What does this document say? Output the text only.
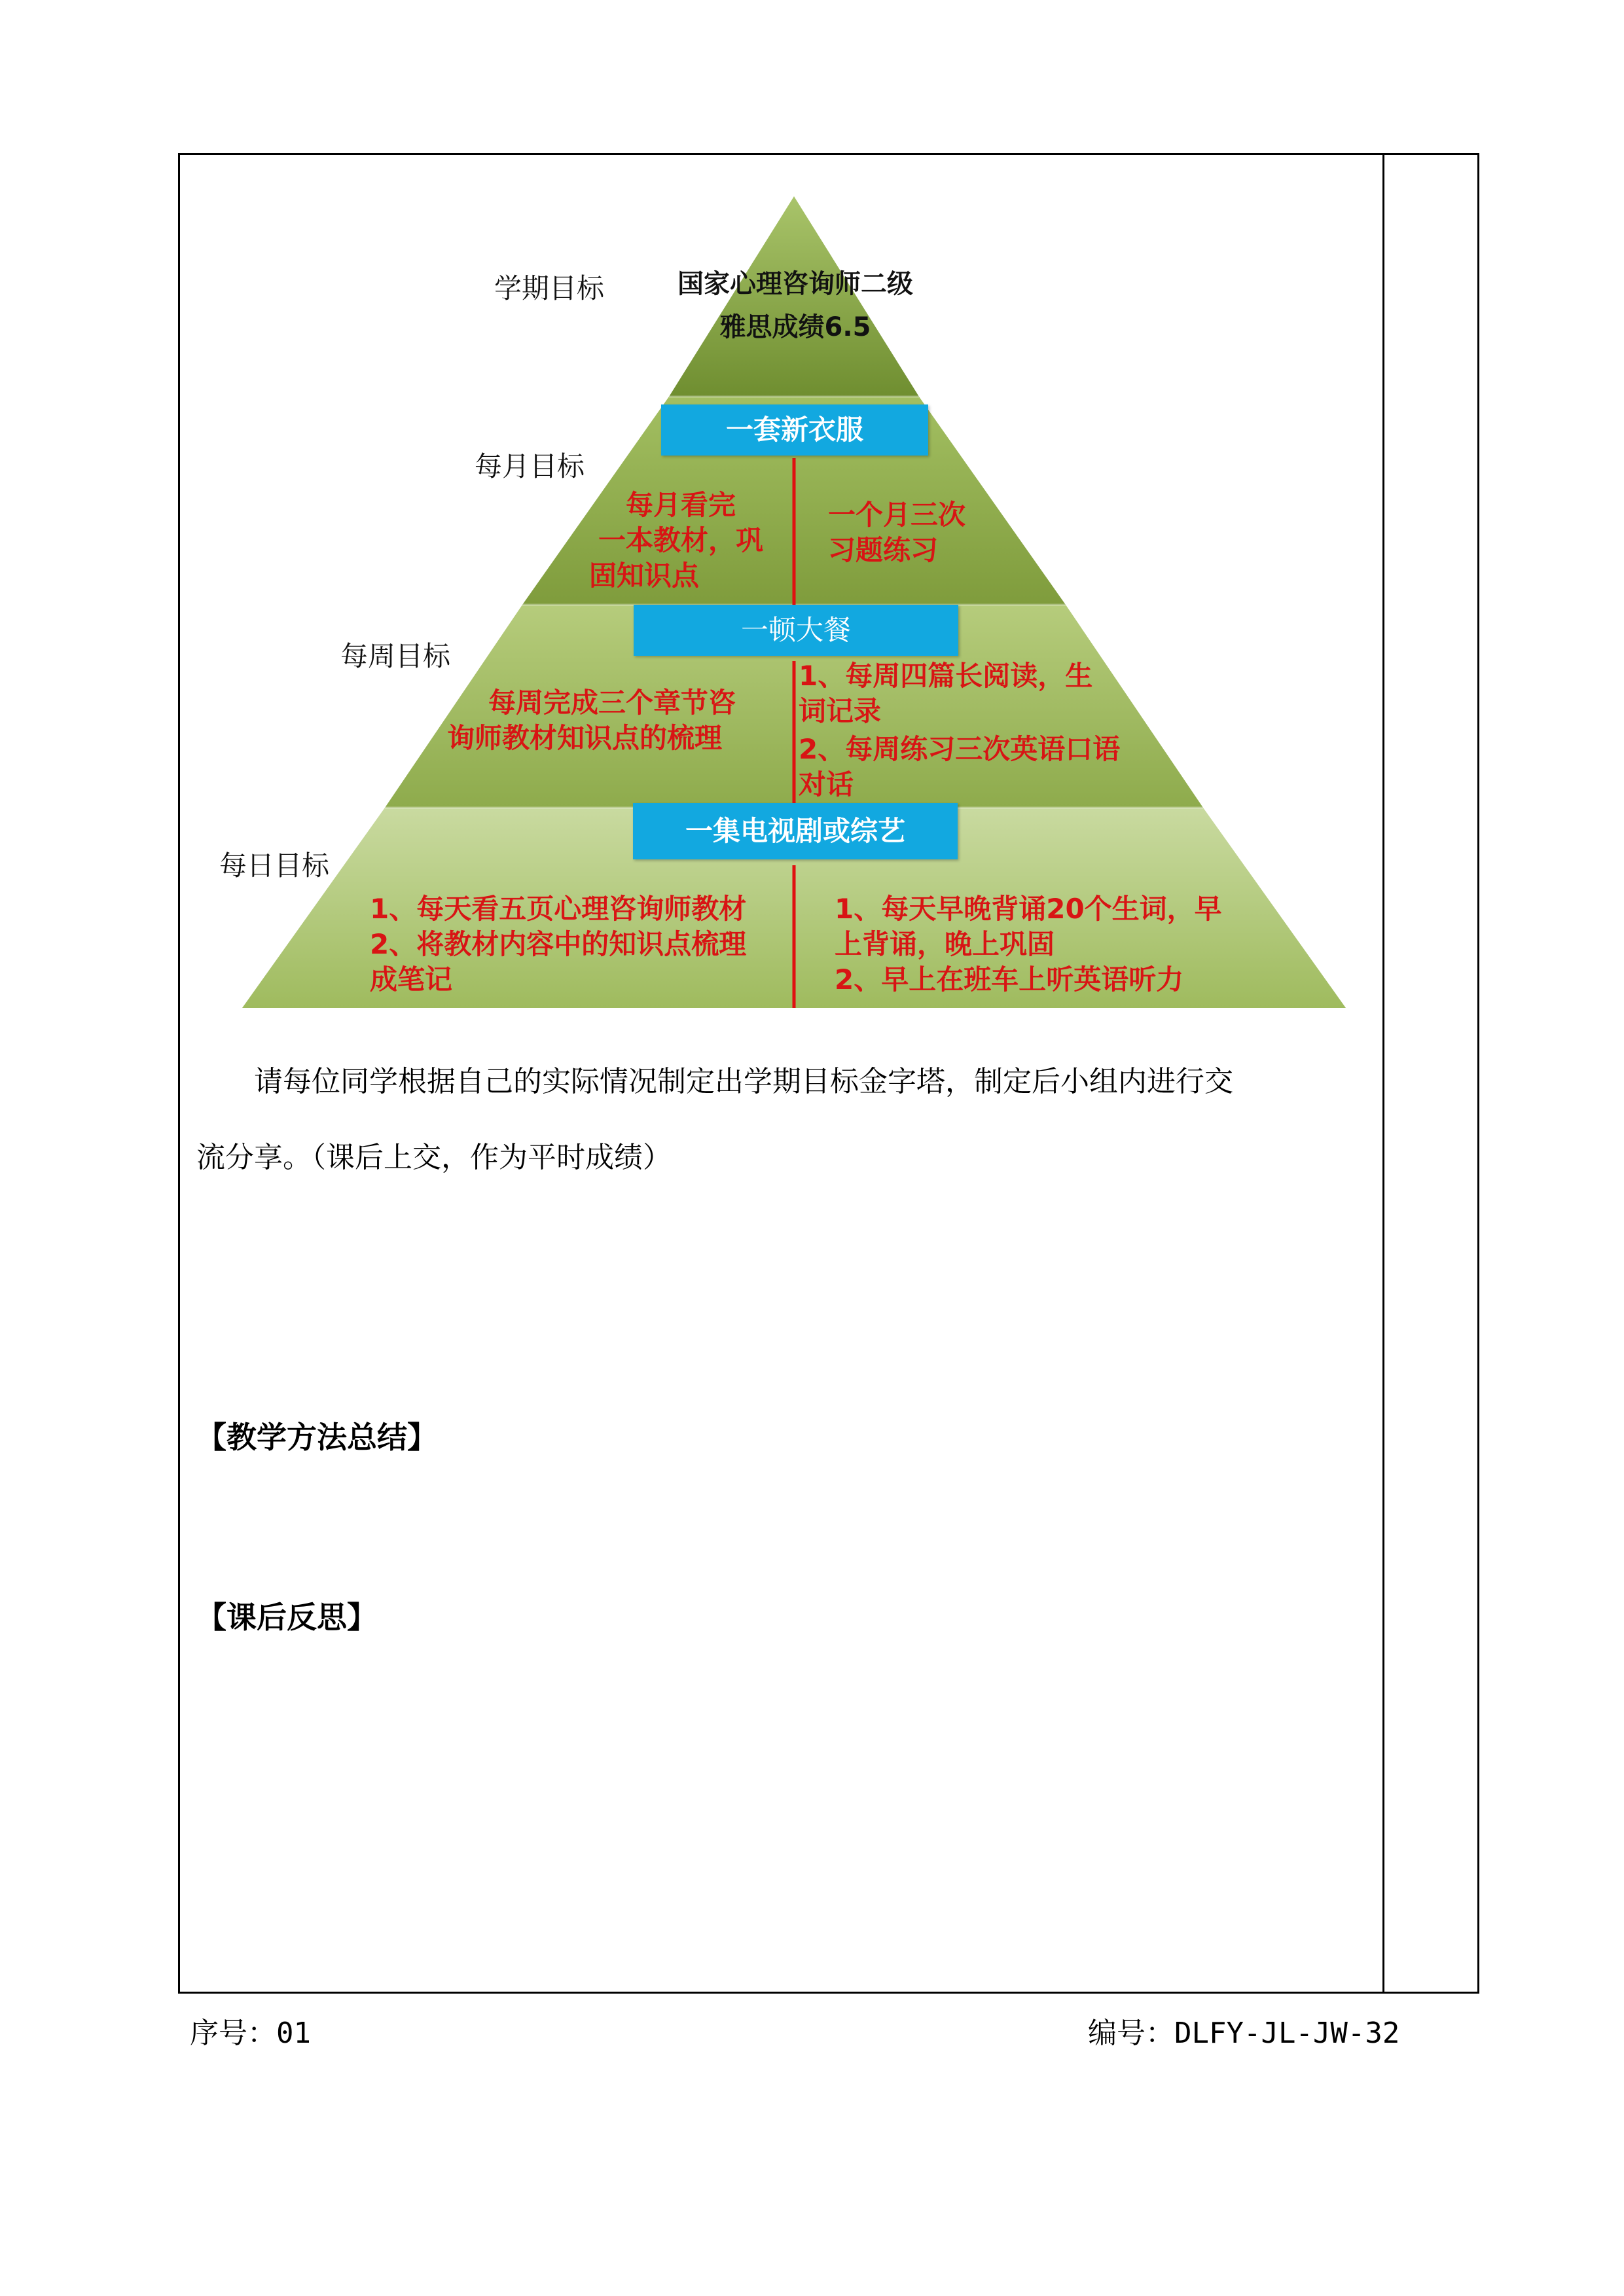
学期目标
每月目标
每周目标
每日目标
国家心理咨询师二级
雅思成绩6.5
一套新衣服
每月看完
一本教材，巩
固知识点
一个月三次
习题练习
一顿大餐
每周完成三个章节咨
询师教材知识点的梳理
1、每周四篇长阅读，生
词记录
2、每周练习三次英语口语
对话
一集电视剧或综艺
1、每天看五页心理咨询师教材
2、将教材内容中的知识点梳理
成笔记
1、每天早晚背诵20个生词，早
上背诵，晚上巩固
2、早上在班车上听英语听力
请每位同学根据自己的实际情况制定出学期目标金字塔，制定后小组内进行交
流分享。（课后上交，作为平时成绩）
【教学方法总结】
【课后反思】
序号：01	编号：DLFY-JL-JW-32
